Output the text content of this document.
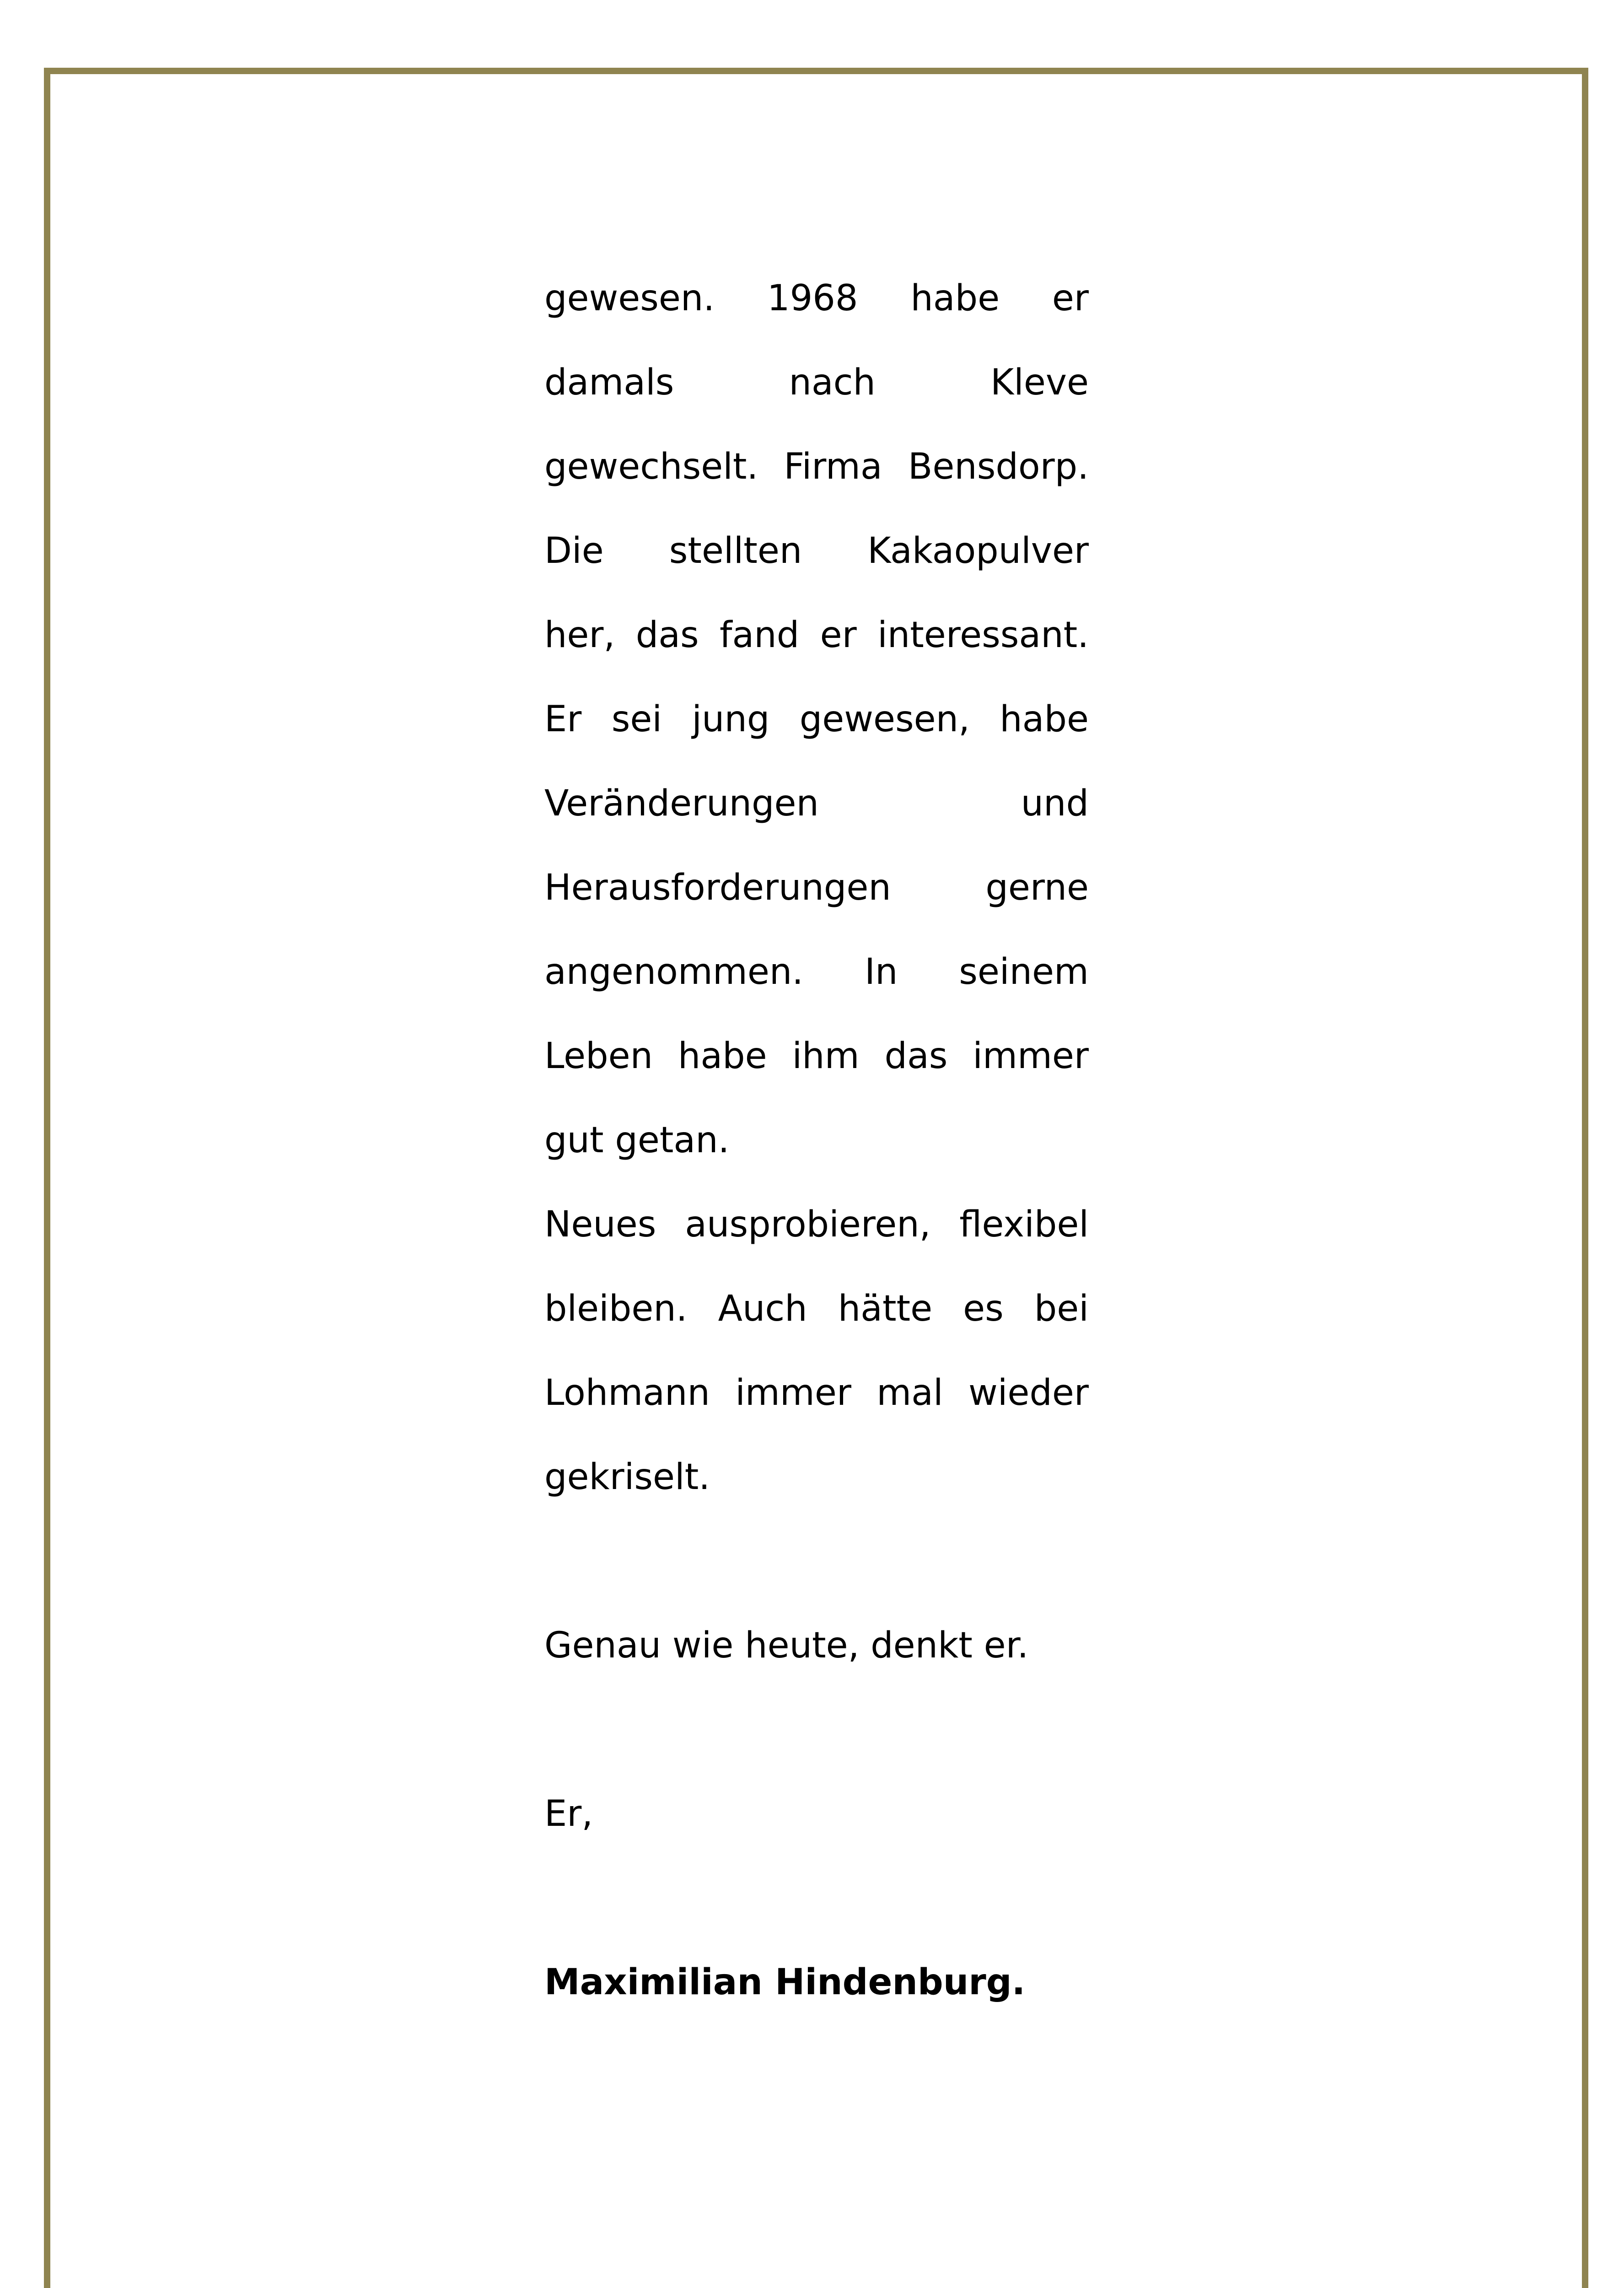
gewesen. 1968 habe er
damals	nach	Kleve
gewechselt. Firma Bensdorp.
Die stellten Kakaopulver
her, das fand er interessant.
Er sei jung gewesen, habe
Veränderungen	und
Herausforderungen	gerne
angenommen. In seinem
Leben habe ihm das immer
gut getan.
Neues ausprobieren, flexibel
bleiben. Auch hätte es bei
Lohmann immer mal wieder
gekriselt.
Genau wie heute, denkt er.
Er,
Maximilian Hindenburg.
